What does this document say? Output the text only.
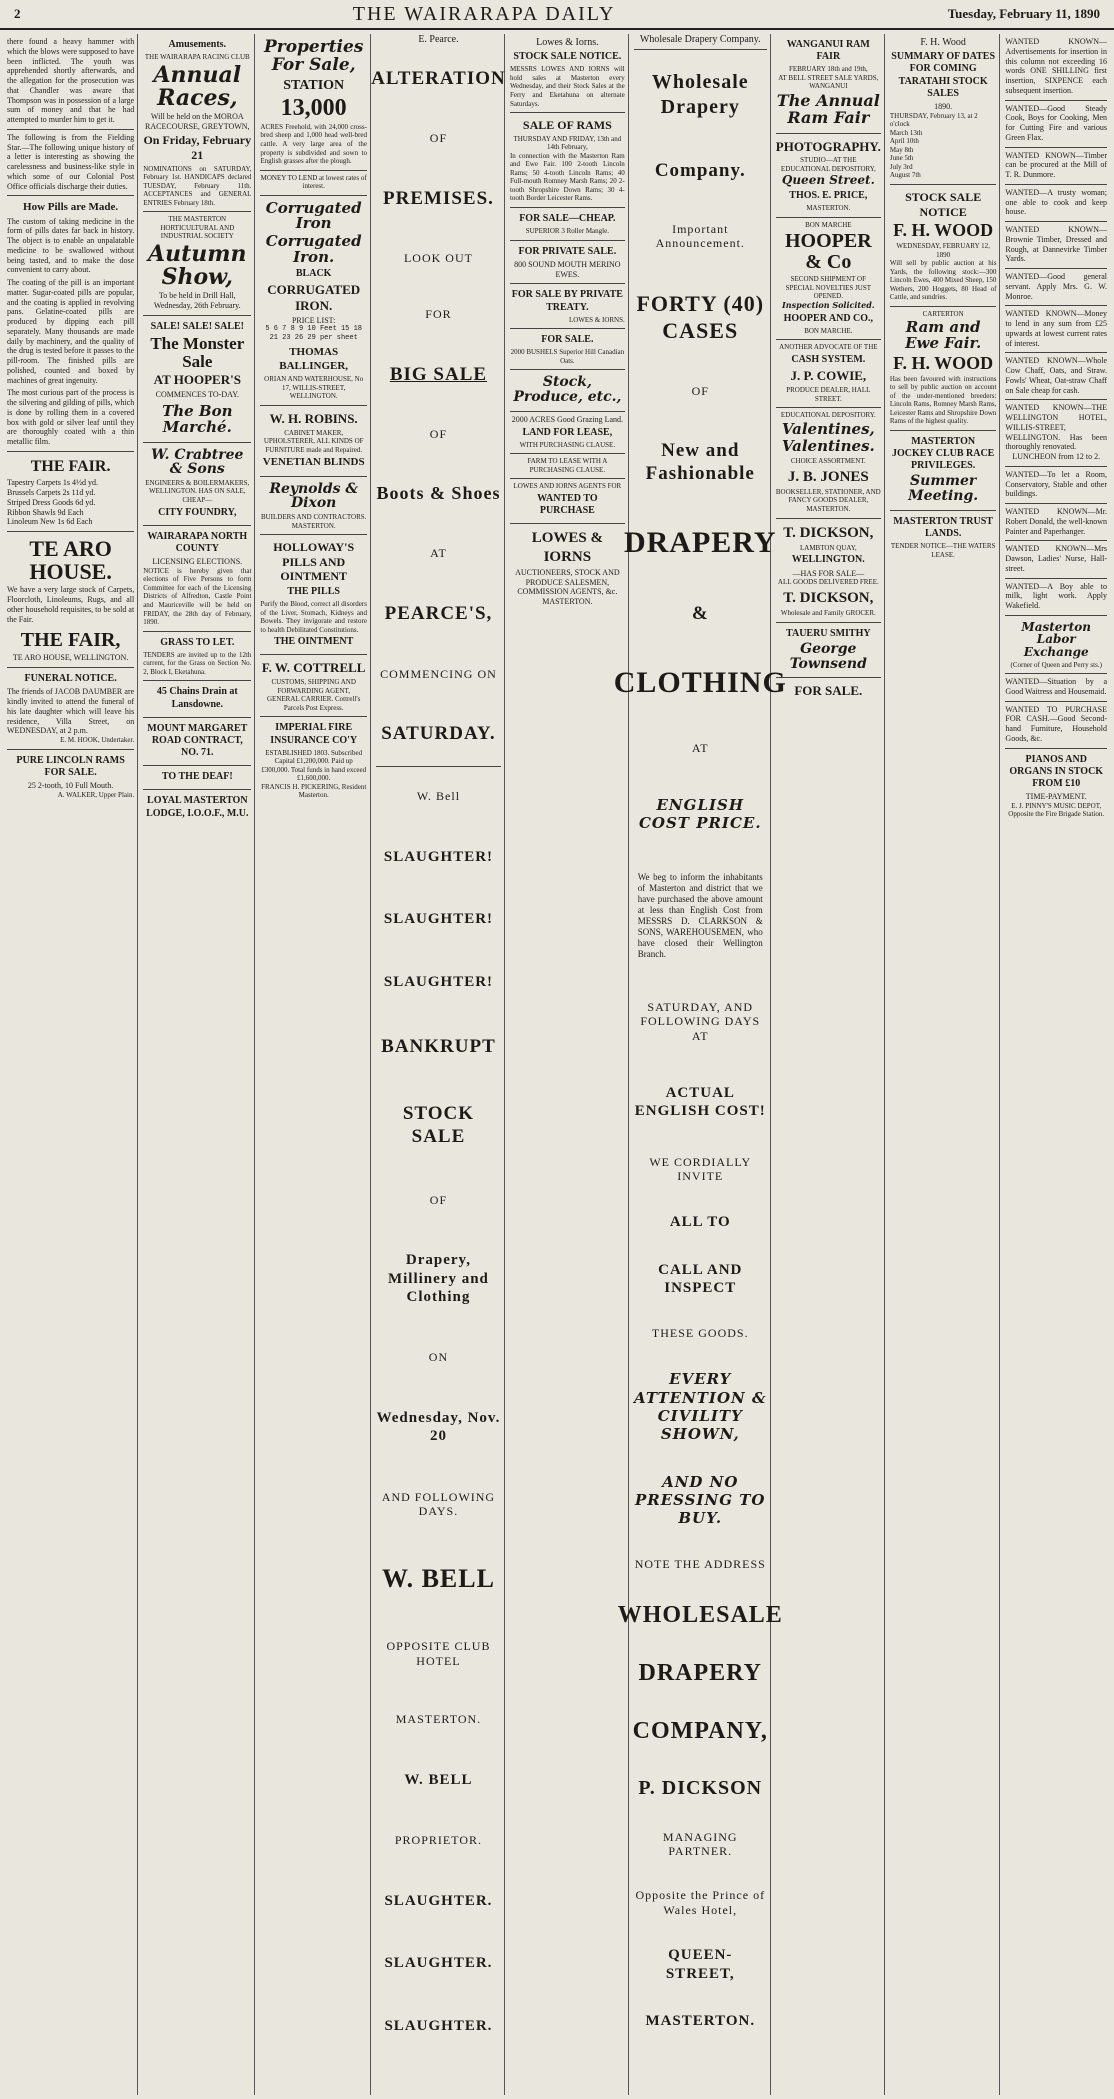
2	THE WAIRARAPA DAILY	Tuesday, February 11, 1890
there found a heavy hammer with which the blows were supposed to have been inflicted. The youth was apprehended shortly afterwards, and the allegation for the prosecution was that Chandler was aware that Thompson was in possession of a large sum of money and that he had attempted to murder him to get it.
The following is from the Fielding Star.—The following unique history of a letter is interesting as showing the carelessness and business-like style in which some of our Colonial Post Office officials discharge their duties.
How Pills are Made.
The custom of taking medicine in the form of pills dates far back in history. The object is to enable an unpalatable medicine to be swallowed without being tasted, and to make the dose convenient to carry about.
The coating of the pill is an important matter. Sugar-coated pills are popular, and the coating is applied in revolving pans. Gelatine-coated pills are produced by dipping each pill separately. Many thousands are made daily by machinery, and the quality of the drug is tested before it passes to the pill-room. The finished pills are polished, counted and boxed by machines of great ingenuity.
The most curious part of the process is the silvering and gilding of pills, which is done by rolling them in a covered box with gold or silver leaf until they are thoroughly coated with a thin metallic film.
THE FAIR.
Tapestry Carpets 1s 4½d yd.
Brussels Carpets 2s 11d yd.
Striped Dress Goods 6d yd.
Ribbon Shawls 9d Each
Linoleum New 1s 6d Each
TE ARO HOUSE.
We have a very large stock of Carpets, Floorcloth, Linoleums, Rugs, and all other household requisites, to be sold at the Fair.
THE FAIR,
TE ARO HOUSE, WELLINGTON.
FUNERAL NOTICE.
The friends of JACOB DAUMBER are kindly invited to attend the funeral of his late daughter which will leave his residence, Villa Street, on WEDNESDAY, at 2 p.m.
E. M. HOOK, Undertaker.
PURE LINCOLN RAMS FOR SALE.
25 2-tooth, 10 Full Mouth.
A. WALKER, Upper Plain.
Amusements.
THE WAIRARAPA RACING CLUB
Annual Races,
Will be held on the MOROA RACECOURSE, GREYTOWN,
On Friday, February 21
NOMINATIONS on SATURDAY, February 1st. HANDICAPS declared TUESDAY, February 11th. ACCEPTANCES and GENERAL ENTRIES February 18th.
THE MASTERTON HORTICULTURAL AND INDUSTRIAL SOCIETY
Autumn Show,
To be held in Drill Hall, Wednesday, 26th February.
SALE! SALE! SALE!
The Monster Sale
AT HOOPER'S
COMMENCES TO-DAY.
The Bon Marché.
W. Crabtree & Sons
ENGINEERS & BOILERMAKERS, WELLINGTON. HAS ON SALE, CHEAP—
CITY FOUNDRY,
WAIRARAPA NORTH COUNTY
LICENSING ELECTIONS.
NOTICE is hereby given that elections of Five Persons to form Committee for each of the Licensing Districts of Alfredton, Castle Point and Mauriceville will be held on FRIDAY, the 28th day of February, 1890.
GRASS TO LET.
TENDERS are invited up to the 12th current, for the Grass on Section No. 2, Block I, Eketahuna.
45 Chains Drain at Lansdowne.
MOUNT MARGARET ROAD CONTRACT, NO. 71.
TO THE DEAF!
LOYAL MASTERTON LODGE, I.O.O.F., M.U.
Properties For Sale,
STATION
13,000
ACRES Freehold, with 24,000 cross-bred sheep and 1,000 head well-bred cattle. A very large area of the property is subdivided and sown to English grasses after the plough.
MONEY TO LEND at lowest rates of interest.
Corrugated Iron
Corrugated Iron.
BLACK
CORRUGATED IRON.
PRICE LIST:
5 6 7 8 9 10 Feet 15 18 21 23 26 29 per sheet
THOMAS BALLINGER,
ORIAN AND WATERHOUSE, No 17, WILLIS-STREET, WELLINGTON.
W. H. ROBINS.
CABINET MAKER, UPHOLSTERER, ALL KINDS OF FURNITURE made and Repaired.
VENETIAN BLINDS
Reynolds & Dixon
BUILDERS AND CONTRACTORS. MASTERTON.
HOLLOWAY'S PILLS AND OINTMENT
THE PILLS
Purify the Blood, correct all disorders of the Liver, Stomach, Kidneys and Bowels. They invigorate and restore to health Debilitated Constitutions.
THE OINTMENT
F. W. COTTRELL
CUSTOMS, SHIPPING AND FORWARDING AGENT, GENERAL CARRIER. Cottrell's Parcels Post Express.
IMPERIAL FIRE INSURANCE CO'Y
ESTABLISHED 1803. Subscribed Capital £1,200,000. Paid up £300,000. Total funds in hand exceed £1,600,000.
FRANCIS H. PICKERING, Resident Masterton.
E. Pearce.
ALTERATION
OF
PREMISES.
LOOK OUT
FOR
BIG SALE
OF
Boots & Shoes
AT
PEARCE'S,
COMMENCING ON
SATURDAY.
W. Bell
SLAUGHTER!
SLAUGHTER!
SLAUGHTER!
BANKRUPT
STOCK SALE
OF
Drapery, Millinery and Clothing
ON
Wednesday, Nov. 20
AND FOLLOWING DAYS.
W. BELL
OPPOSITE CLUB HOTEL
MASTERTON.
W. BELL
PROPRIETOR.
SLAUGHTER.
SLAUGHTER.
SLAUGHTER.
Lowes & Iorns.
STOCK SALE NOTICE.
MESSRS LOWES AND IORNS will hold sales at Masterton every Wednesday, and their Stock Sales at the Ferry and Eketahuna on alternate Saturdays.
SALE OF RAMS
THURSDAY AND FRIDAY, 13th and 14th February,
In connection with the Masterton Ram and Ewe Fair. 100 2-tooth Lincoln Rams; 50 4-tooth Lincoln Rams; 40 Full-mouth Romney Marsh Rams; 20 2-tooth Shropshire Down Rams; 30 4-tooth Border Leicester Rams.
FOR SALE—CHEAP.
SUPERIOR 3 Roller Mangle.
FOR PRIVATE SALE.
800 SOUND MOUTH MERINO EWES.
FOR SALE BY PRIVATE TREATY.
LOWES & IORNS.
FOR SALE.
2000 BUSHELS Superior Hill Canadian Oats.
Stock, Produce, etc.,
2000 ACRES Good Grazing Land.
LAND FOR LEASE,
WITH PURCHASING CLAUSE.
FARM TO LEASE WITH A PURCHASING CLAUSE.
LOWES AND IORNS AGENTS FOR
WANTED TO PURCHASE
LOWES & IORNS
AUCTIONEERS, STOCK AND PRODUCE SALESMEN, COMMISSION AGENTS, &c. MASTERTON.
Wholesale Drapery Company.
Wholesale Drapery
Company.
Important Announcement.
FORTY (40) CASES
OF
New and Fashionable
DRAPERY
&
CLOTHING
AT
ENGLISH COST PRICE.
We beg to inform the inhabitants of Masterton and district that we have purchased the above amount at less than English Cost from MESSRS D. CLARKSON & SONS, WAREHOUSEMEN, who have closed their Wellington Branch.
SATURDAY, AND FOLLOWING DAYS AT
ACTUAL ENGLISH COST!
WE CORDIALLY INVITE
ALL TO
CALL AND INSPECT
THESE GOODS.
EVERY ATTENTION & CIVILITY SHOWN,
AND NO PRESSING TO BUY.
NOTE THE ADDRESS
WHOLESALE
DRAPERY
COMPANY,
P. DICKSON
MANAGING PARTNER.
Opposite the Prince of Wales Hotel,
QUEEN-STREET,
MASTERTON.
WANGANUI RAM FAIR
FEBRUARY 18th and 19th,
AT BELL STREET SALE YARDS, WANGANUI
The Annual Ram Fair
PHOTOGRAPHY.
STUDIO—AT THE EDUCATIONAL DEPOSITORY,
Queen Street.
THOS. E. PRICE,
MASTERTON.
BON MARCHE
HOOPER & Co
SECOND SHIPMENT OF SPECIAL NOVELTIES JUST OPENED.
Inspection Solicited.
HOOPER AND CO.,
BON MARCHE.
ANOTHER ADVOCATE OF THE
CASH SYSTEM.
J. P. COWIE,
PRODUCE DEALER, HALL STREET.
EDUCATIONAL DEPOSITORY.
Valentines,
Valentines.
CHOICE ASSORTMENT.
J. B. JONES
BOOKSELLER, STATIONER, AND FANCY GOODS DEALER, MASTERTON.
T. DICKSON,
LAMBTON QUAY,
WELLINGTON.
—HAS FOR SALE—
ALL GOODS DELIVERED FREE.
T. DICKSON,
Wholesale and Family GROCER.
TAUERU SMITHY
George Townsend
FOR SALE.
F. H. Wood
SUMMARY OF DATES FOR COMING TARATAHI STOCK SALES
1890.
THURSDAY, February 13, at 2 o'clock
March 13th
April 10th
May 8th
June 5th
July 3rd
August 7th
STOCK SALE NOTICE
F. H. WOOD
WEDNESDAY, FEBRUARY 12, 1890
Will sell by public auction at his Yards, the following stock:—300 Lincoln Ewes, 400 Mixed Sheep, 150 Wethers, 200 Hoggets, 80 Head of Cattle, and sundries.
CARTERTON
Ram and Ewe Fair.
F. H. WOOD
Has been favoured with instructions to sell by public auction on account of the under-mentioned breeders: Lincoln Rams, Romney Marsh Rams, Leicester Rams and Shropshire Down Rams of the highest quality.
MASTERTON JOCKEY CLUB RACE PRIVILEGES.
Summer Meeting.
MASTERTON TRUST LANDS.
TENDER NOTICE—THE WATERS LEASE.
WANTED KNOWN—Advertisements for insertion in this column not exceeding 16 words ONE SHILLING first insertion, SIXPENCE each subsequent insertion.
WANTED—Good Steady Cook, Boys for Cooking, Men for Cutting Fire and various Green Flax.
WANTED KNOWN—Timber can be procured at the Mill of T. R. Dunmore.
WANTED—A trusty woman; one able to cook and keep house.
WANTED KNOWN—Brownie Timber, Dressed and Rough, at Dannevirke Timber Yards.
WANTED—Good general servant. Apply Mrs. G. W. Monroe.
WANTED KNOWN—Money to lend in any sum from £25 upwards at lowest current rates of interest.
WANTED KNOWN—Whole Cow Chaff, Oats, and Straw. Fowls' Wheat, Oat-straw Chaff on Sale cheap for cash.
WANTED KNOWN—THE WELLINGTON HOTEL, WILLIS-STREET, WELLINGTON. Has been thoroughly renovated.
LUNCHEON from 12 to 2.
WANTED—To let a Room, Conservatory, Stable and other buildings.
WANTED KNOWN—Mr. Robert Donald, the well-known Painter and Paperhanger.
WANTED KNOWN—Mrs Dawson, Ladies' Nurse, Hall-street.
WANTED—A Boy able to milk, light work. Apply Wakefield.
Masterton Labor Exchange
(Corner of Queen and Perry sts.)
WANTED—Situation by a Good Waitress and Housemaid.
WANTED TO PURCHASE FOR CASH.—Good Second-hand Furniture, Household Goods, &c.
PIANOS AND ORGANS IN STOCK FROM £10
TIME-PAYMENT.
E. J. PINNY'S MUSIC DEPOT, Opposite the Fire Brigade Station.
